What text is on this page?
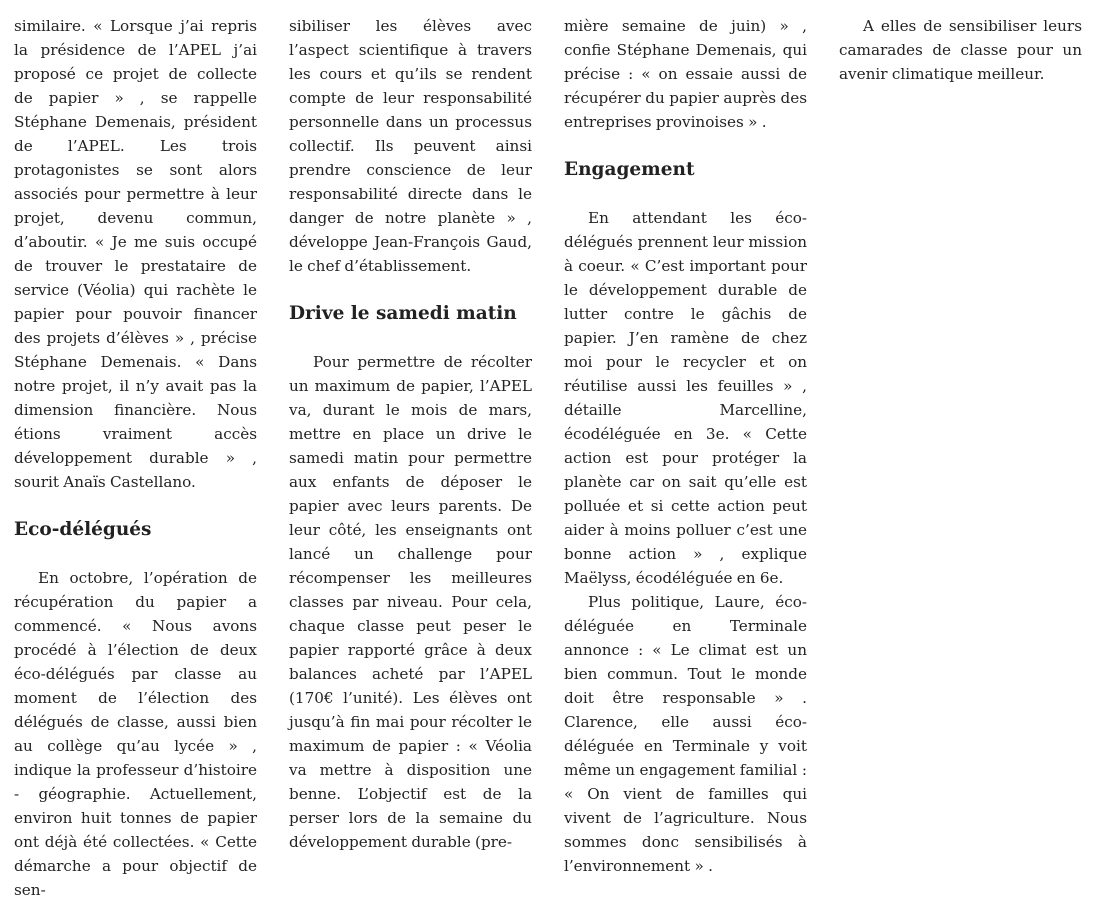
similaire. « Lorsque j’ai repris la présidence de l’APEL j’ai proposé ce projet de collecte de papier » , se rappelle Stéphane Demenais, président de l’APEL. Les trois protagonistes se sont alors associés pour permettre à leur projet, devenu commun, d’aboutir. « Je me suis occupé de trouver le prestataire de service (Véolia) qui rachète le papier pour pouvoir financer des projets d’élèves » , précise Stéphane Demenais. « Dans notre projet, il n’y avait pas la dimension financière. Nous étions vraiment accès développement durable » , sourit Anaïs Castellano.

Eco-délégués

En octobre, l’opération de récupération du papier a commencé. « Nous avons procédé à l’élection de deux éco-délégués par classe au moment de l’élection des délégués de classe, aussi bien au collège qu’au lycée » , indique la professeur d’histoire - géographie. Actuellement, environ huit tonnes de papier ont déjà été collectées. « Cette démarche a pour objectif de sen-

sibiliser les élèves avec l’aspect scientifique à travers les cours et qu’ils se rendent compte de leur responsabilité personnelle dans un processus collectif. Ils peuvent ainsi prendre conscience de leur responsabilité directe dans le danger de notre planète » , développe Jean-François Gaud, le chef d’établissement.

Drive le samedi matin

Pour permettre de récolter un maximum de papier, l’APEL va, durant le mois de mars, mettre en place un drive le samedi matin pour permettre aux enfants de déposer le papier avec leurs parents. De leur côté, les enseignants ont lancé un challenge pour récompenser les meilleures classes par niveau. Pour cela, chaque classe peut peser le papier rapporté grâce à deux balances acheté par l’APEL (170€ l’unité). Les élèves ont jusqu’à fin mai pour récolter le maximum de papier : « Véolia va mettre à disposition une benne. L’objectif est de la perser lors de la semaine du développement durable (pre-

mière semaine de juin) » , confie Stéphane Demenais, qui précise : « on essaie aussi de récupérer du papier auprès des entreprises provinoises » .

Engagement

En attendant les éco- délégués prennent leur mission à coeur. « C’est important pour le développement durable de lutter contre le gâchis de papier. J’en ramène de chez moi pour le recycler et on réutilise aussi les feuilles » , détaille Marcelline, écodéléguée en 3e. « Cette action est pour protéger la planète car on sait qu’elle est polluée et si cette action peut aider à moins polluer c’est une bonne action » , explique Maëlyss, écodéléguée en 6e.

Plus politique, Laure, éco-déléguée en Terminale annonce : « Le climat est un bien commun. Tout le monde doit être responsable » . Clarence, elle aussi éco-déléguée en Terminale y voit même un engagement familial : « On vient de familles qui vivent de l’agriculture. Nous sommes donc sensibilisés à l’environnement » .

A elles de sensibiliser leurs camarades de classe pour un avenir climatique meilleur.
